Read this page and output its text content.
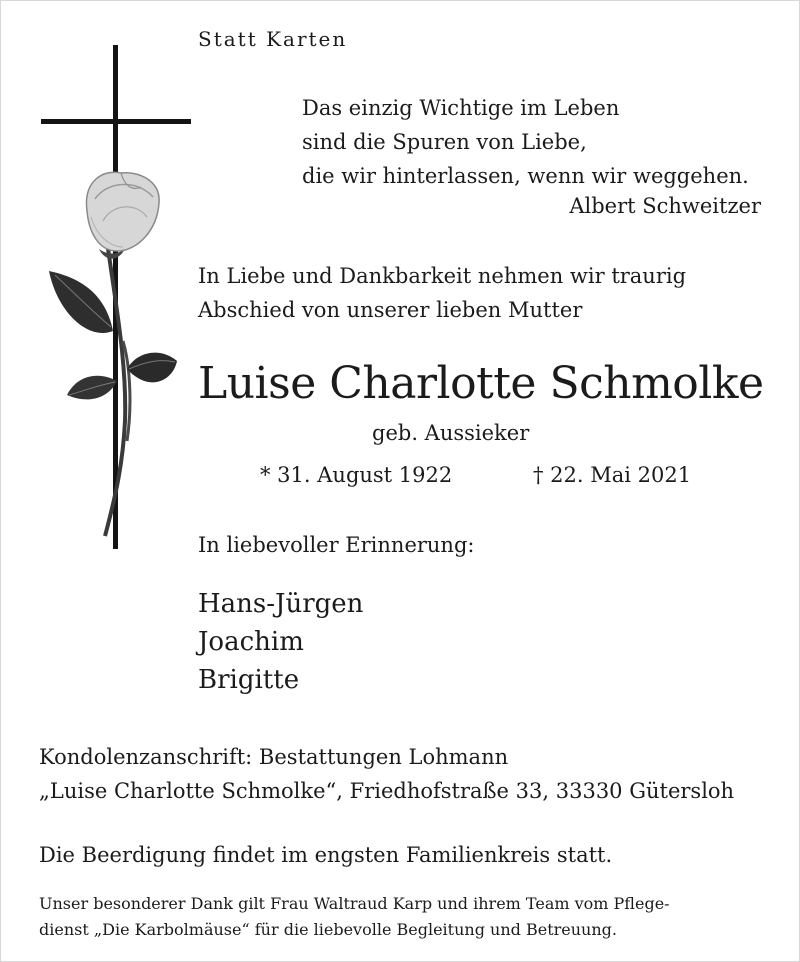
Statt Karten
Das einzig Wichtige im Leben
sind die Spuren von Liebe,
die wir hinterlassen, wenn wir weggehen.
Albert Schweitzer
In Liebe und Dankbarkeit nehmen wir traurig
Abschied von unserer lieben Mutter
Luise Charlotte Schmolke
geb. Aussieker
* 31. August 1922	† 22. Mai 2021
In liebevoller Erinnerung:
Hans-Jürgen
Joachim
Brigitte
Kondolenzanschrift: Bestattungen Lohmann
„Luise Charlotte Schmolke“, Friedhofstraße 33, 33330 Gütersloh
Die Beerdigung findet im engsten Familienkreis statt.
Unser besonderer Dank gilt Frau Waltraud Karp und ihrem Team vom Pflege-
dienst „Die Karbolmäuse“ für die liebevolle Begleitung und Betreuung.
